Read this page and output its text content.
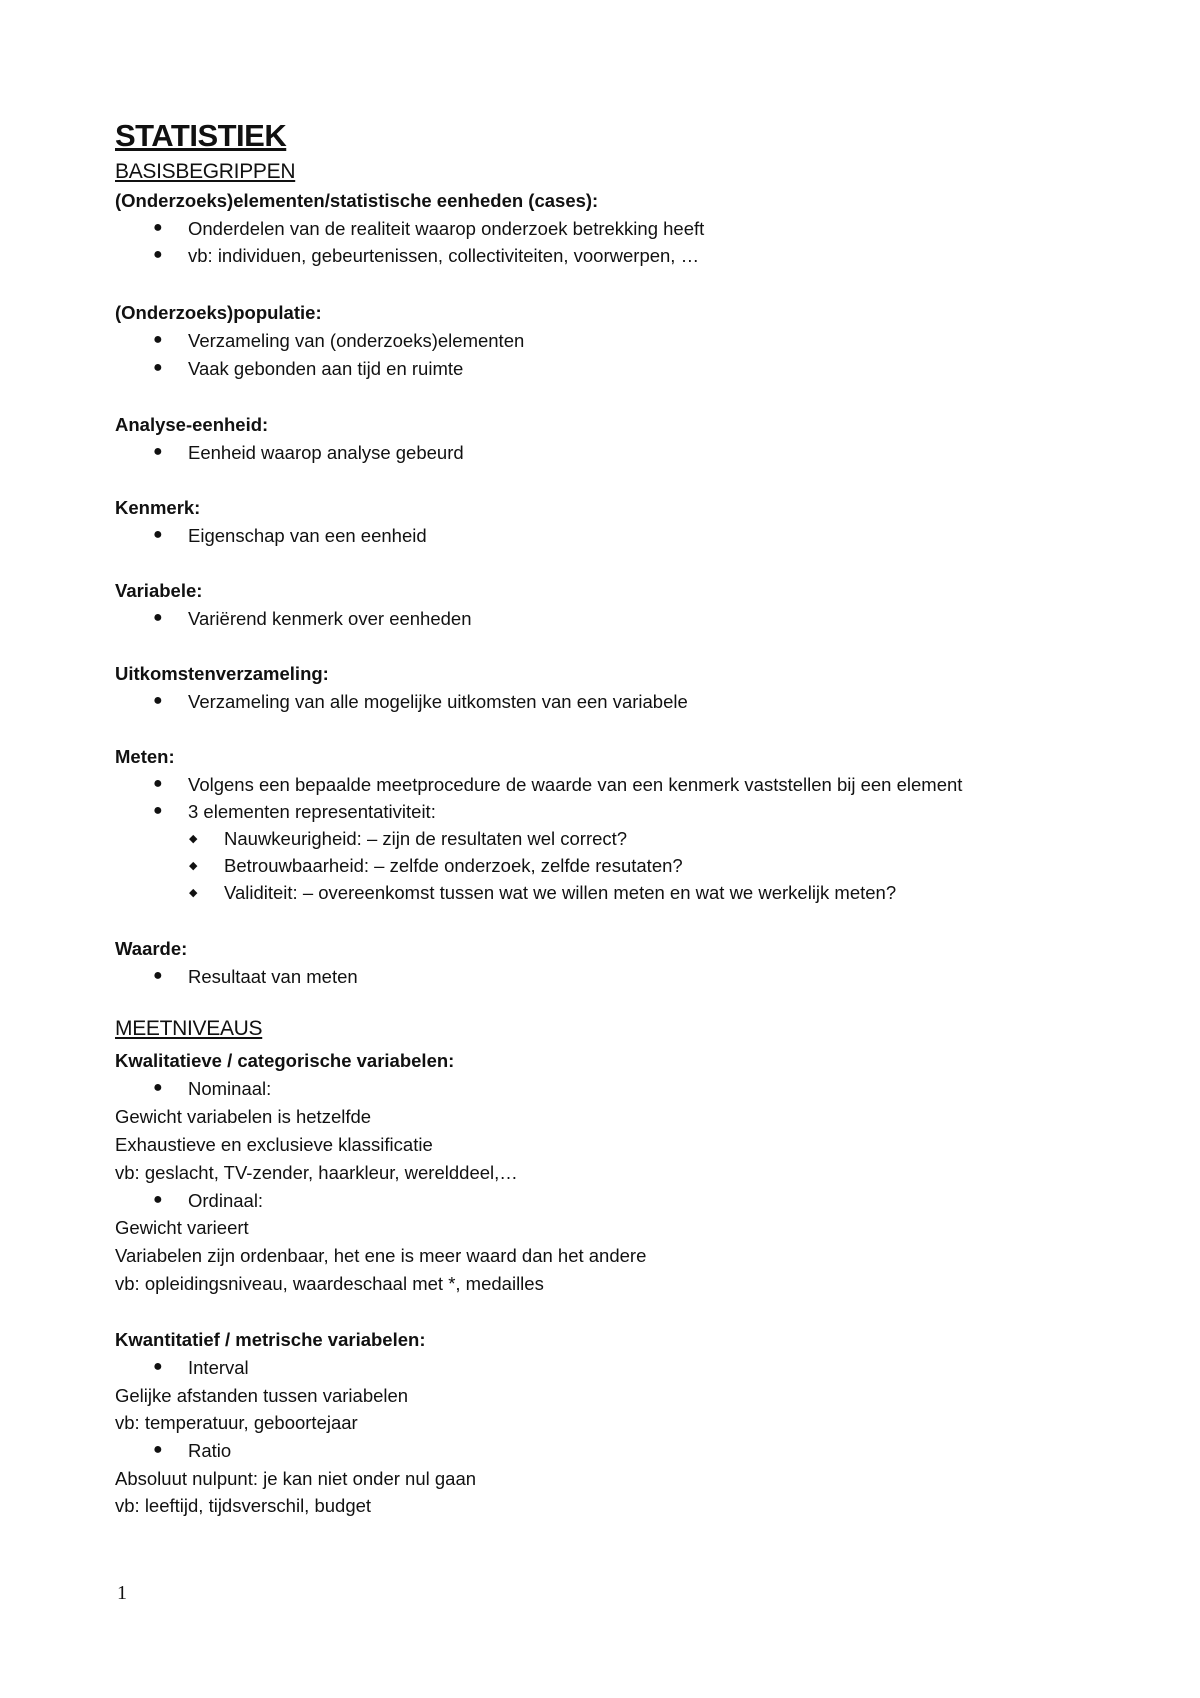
STATISTIEK
BASISBEGRIPPEN
(Onderzoeks)elementen/statistische eenheden (cases):
● Onderdelen van de realiteit waarop onderzoek betrekking heeft
● vb: individuen, gebeurtenissen, collectiviteiten, voorwerpen, …
(Onderzoeks)populatie:
● Verzameling van (onderzoeks)elementen
● Vaak gebonden aan tijd en ruimte
Analyse-eenheid:
● Eenheid waarop analyse gebeurd
Kenmerk:
● Eigenschap van een eenheid
Variabele:
● Variërend kenmerk over eenheden
Uitkomstenverzameling:
● Verzameling van alle mogelijke uitkomsten van een variabele
Meten:
● Volgens een bepaalde meetprocedure de waarde van een kenmerk vaststellen bij een element
● 3 elementen representativiteit:
◆ Nauwkeurigheid: – zijn de resultaten wel correct?
◆ Betrouwbaarheid: – zelfde onderzoek, zelfde resutaten?
◆ Validiteit: – overeenkomst tussen wat we willen meten en wat we werkelijk meten?
Waarde:
● Resultaat van meten
MEETNIVEAUS
Kwalitatieve / categorische variabelen:
● Nominaal:
Gewicht variabelen is hetzelfde
Exhaustieve en exclusieve klassificatie
vb: geslacht, TV-zender, haarkleur, werelddeel,…
● Ordinaal:
Gewicht varieert
Variabelen zijn ordenbaar, het ene is meer waard dan het andere
vb: opleidingsniveau, waardeschaal met *, medailles
Kwantitatief / metrische variabelen:
● Interval
Gelijke afstanden tussen variabelen
vb: temperatuur, geboortejaar
● Ratio
Absoluut nulpunt: je kan niet onder nul gaan
vb: leeftijd, tijdsverschil, budget
1
